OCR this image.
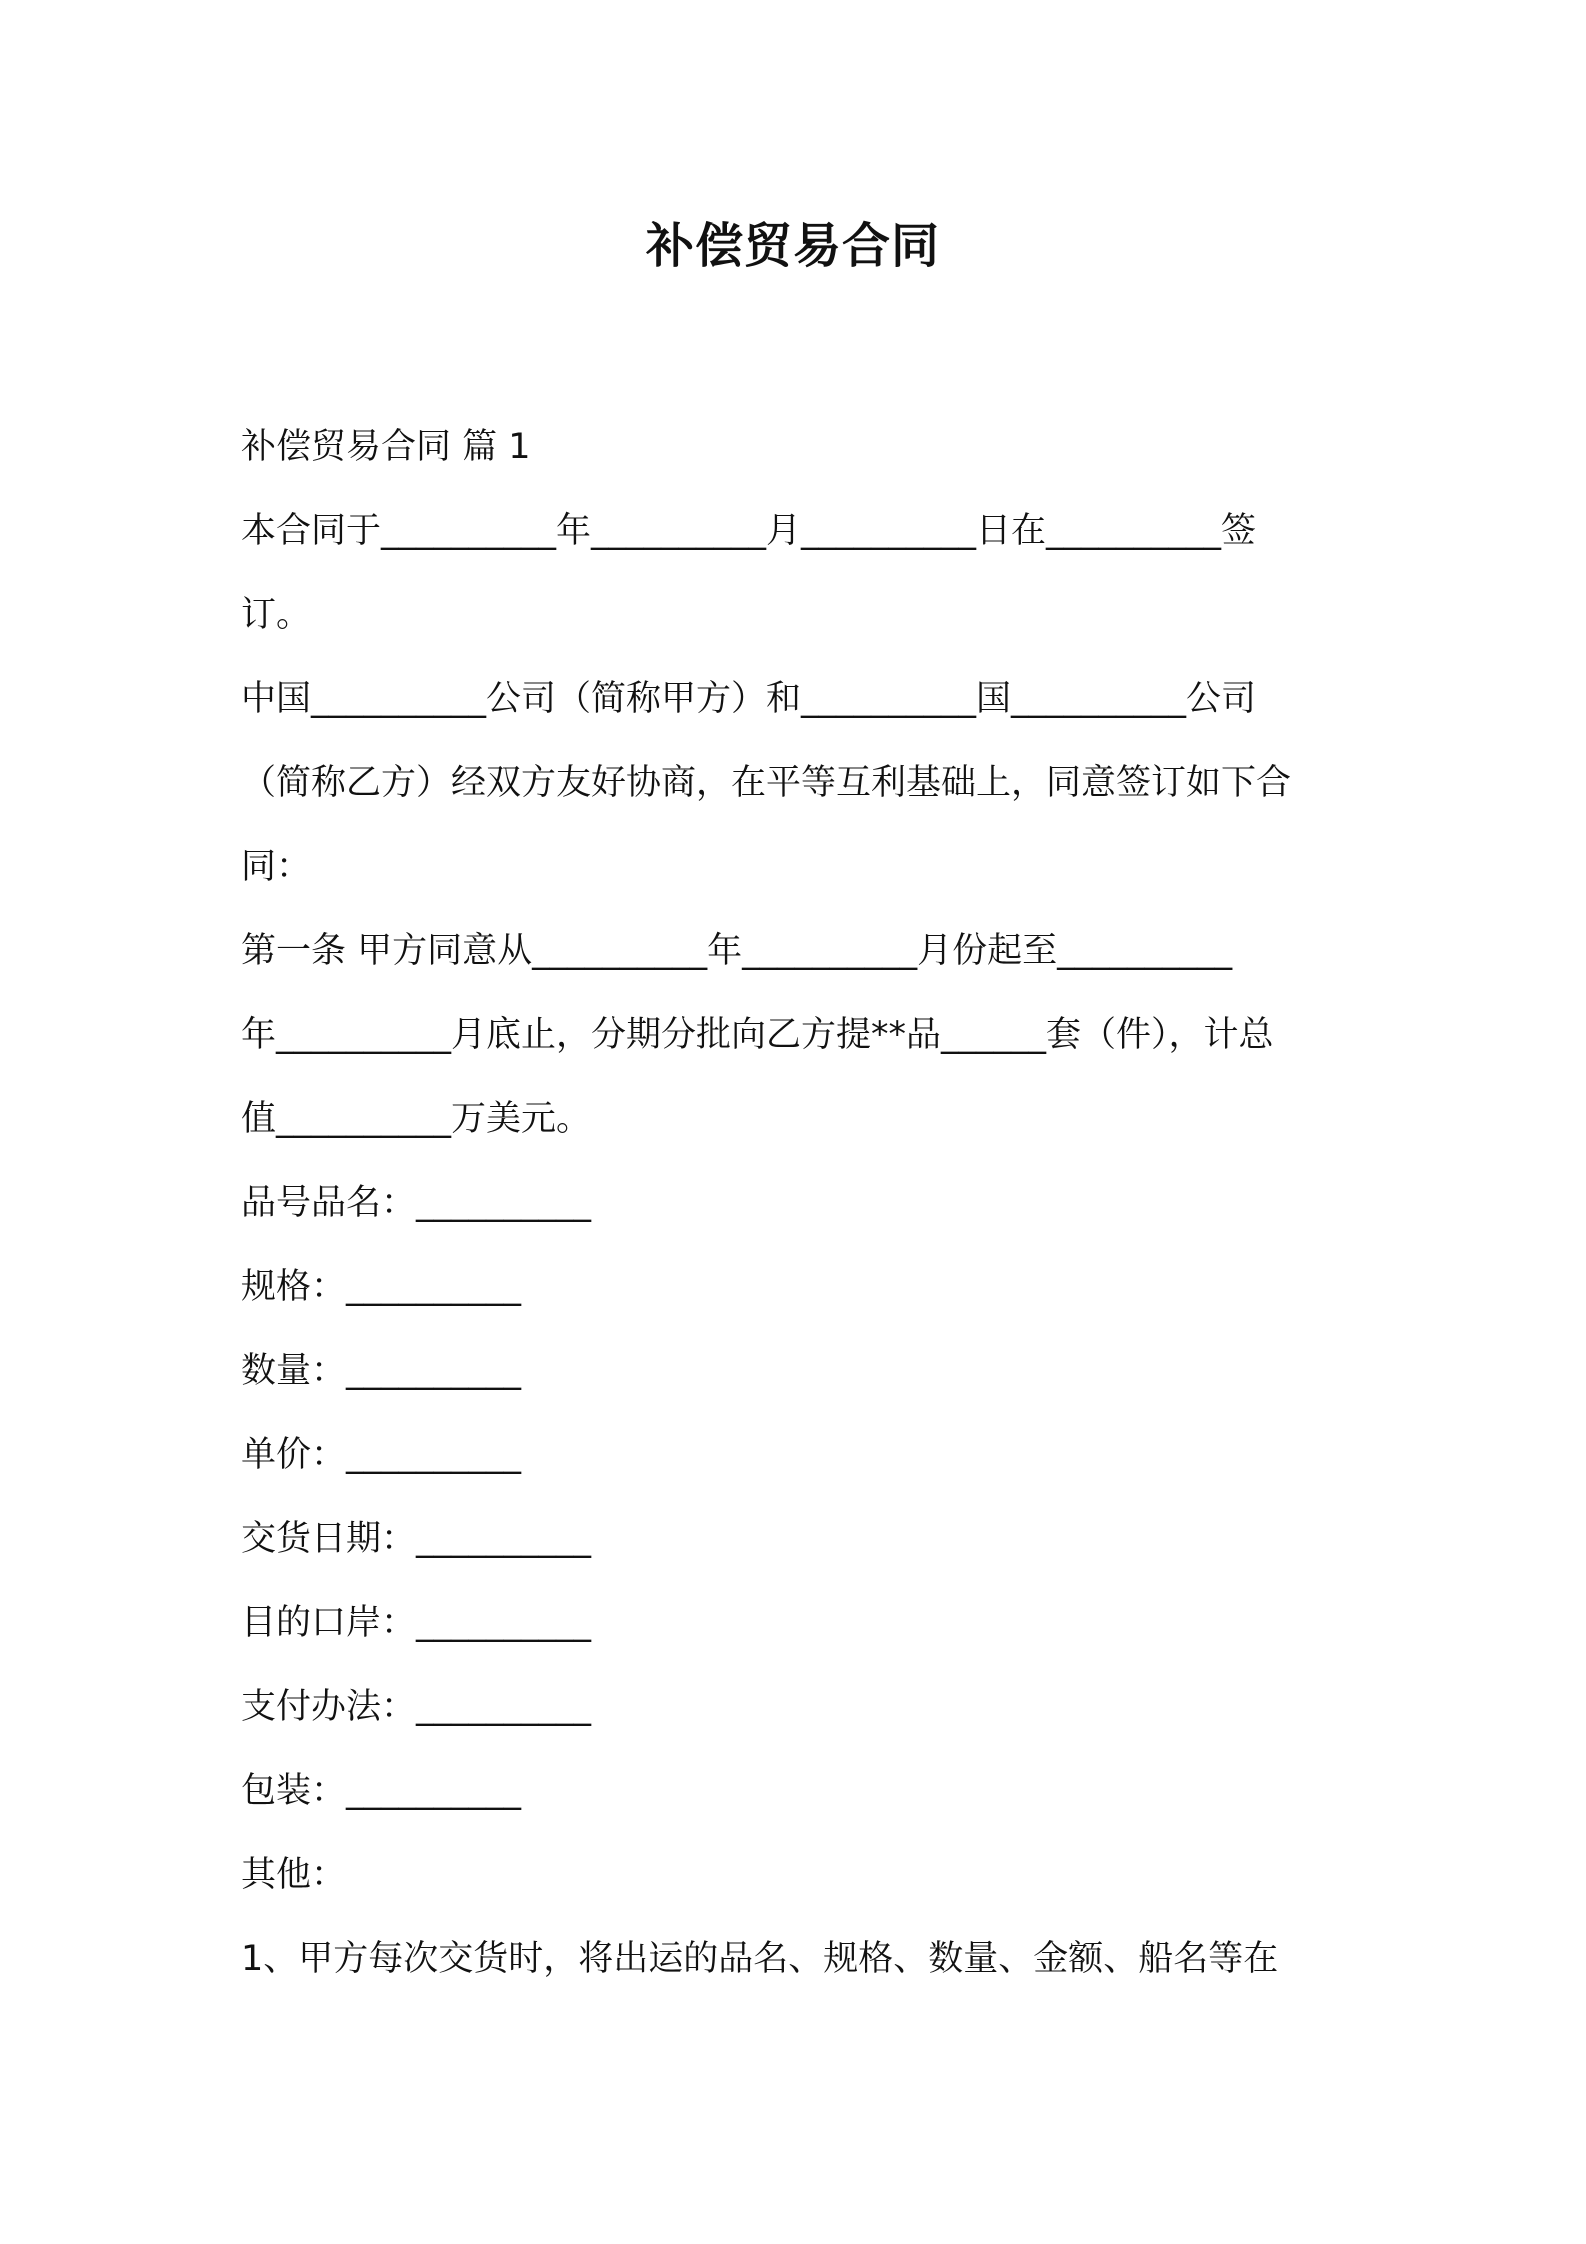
补偿贸易合同
补偿贸易合同 篇 1
本合同于__________年__________月__________日在__________签
订。
中国__________公司（简称甲方）和__________国__________公司
（简称乙方）经双方友好协商，在平等互利基础上，同意签订如下合
同：
第一条 甲方同意从__________年__________月份起至__________
年__________月底止，分期分批向乙方提**品______套（件），计总
值__________万美元。
品号品名：__________
规格：__________
数量：__________
单价：__________
交货日期：__________
目的口岸：__________
支付办法：__________
包装：__________
其他：
1、甲方每次交货时，将出运的品名、规格、数量、金额、船名等在
